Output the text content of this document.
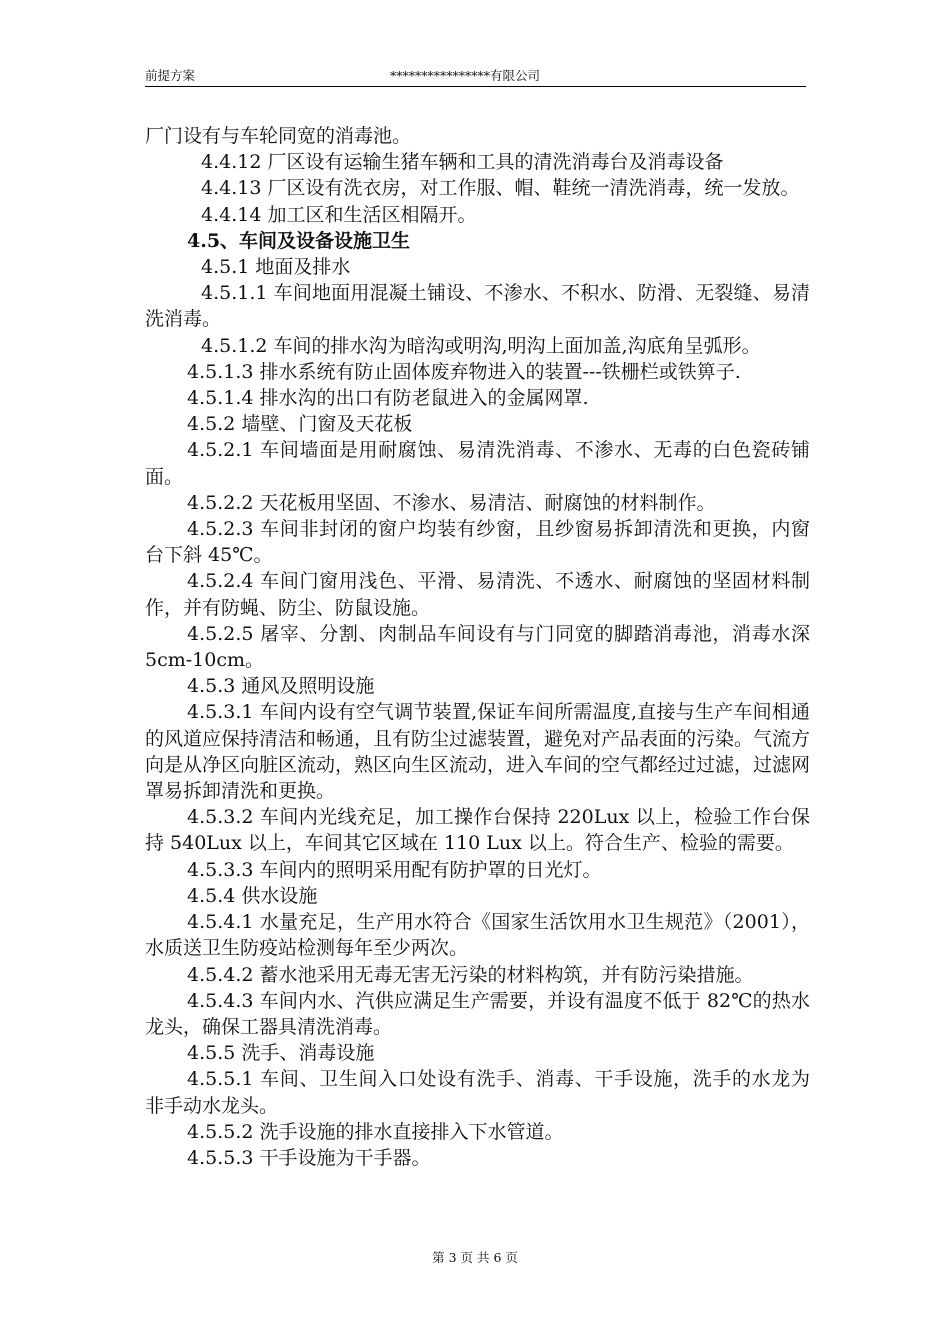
前提方案	****************有限公司

厂门设有与车轮同宽的消毒池。

4.4.12 厂区设有运输生猪车辆和工具的清洗消毒台及消毒设备

4.4.13 厂区设有洗衣房，对工作服、帽、鞋统一清洗消毒，统一发放。

4.4.14 加工区和生活区相隔开。

4.5、车间及设备设施卫生

4.5.1 地面及排水

4.5.1.1 车间地面用混凝土铺设、不渗水、不积水、防滑、无裂缝、易清洗消毒。

4.5.1.2 车间的排水沟为暗沟或明沟,明沟上面加盖,沟底角呈弧形。

4.5.1.3 排水系统有防止固体废弃物进入的装置---铁栅栏或铁箅子.

4.5.1.4 排水沟的出口有防老鼠进入的金属网罩.

4.5.2 墙壁、门窗及天花板

4.5.2.1 车间墙面是用耐腐蚀、易清洗消毒、不渗水、无毒的白色瓷砖铺面。

4.5.2.2 天花板用坚固、不渗水、易清洁、耐腐蚀的材料制作。

4.5.2.3 车间非封闭的窗户均装有纱窗，且纱窗易拆卸清洗和更换，内窗台下斜 45℃。

4.5.2.4 车间门窗用浅色、平滑、易清洗、不透水、耐腐蚀的坚固材料制作，并有防蝇、防尘、防鼠设施。

4.5.2.5 屠宰、分割、肉制品车间设有与门同宽的脚踏消毒池，消毒水深 5cm-10cm。

4.5.3 通风及照明设施

4.5.3.1 车间内设有空气调节装置,保证车间所需温度,直接与生产车间相通的风道应保持清洁和畅通，且有防尘过滤装置，避免对产品表面的污染。气流方向是从净区向脏区流动，熟区向生区流动，进入车间的空气都经过过滤，过滤网罩易拆卸清洗和更换。

4.5.3.2 车间内光线充足，加工操作台保持 220Lux 以上，检验工作台保持 540Lux 以上，车间其它区域在 110 Lux 以上。符合生产、检验的需要。

4.5.3.3 车间内的照明采用配有防护罩的日光灯。

4.5.4 供水设施

4.5.4.1 水量充足，生产用水符合《国家生活饮用水卫生规范》（2001），水质送卫生防疫站检测每年至少两次。

4.5.4.2 蓄水池采用无毒无害无污染的材料构筑，并有防污染措施。

4.5.4.3 车间内水、汽供应满足生产需要，并设有温度不低于 82℃的热水龙头，确保工器具清洗消毒。

4.5.5 洗手、消毒设施

4.5.5.1 车间、卫生间入口处设有洗手、消毒、干手设施，洗手的水龙为非手动水龙头。

4.5.5.2 洗手设施的排水直接排入下水管道。

4.5.5.3 干手设施为干手器。

第 3 页 共 6 页
